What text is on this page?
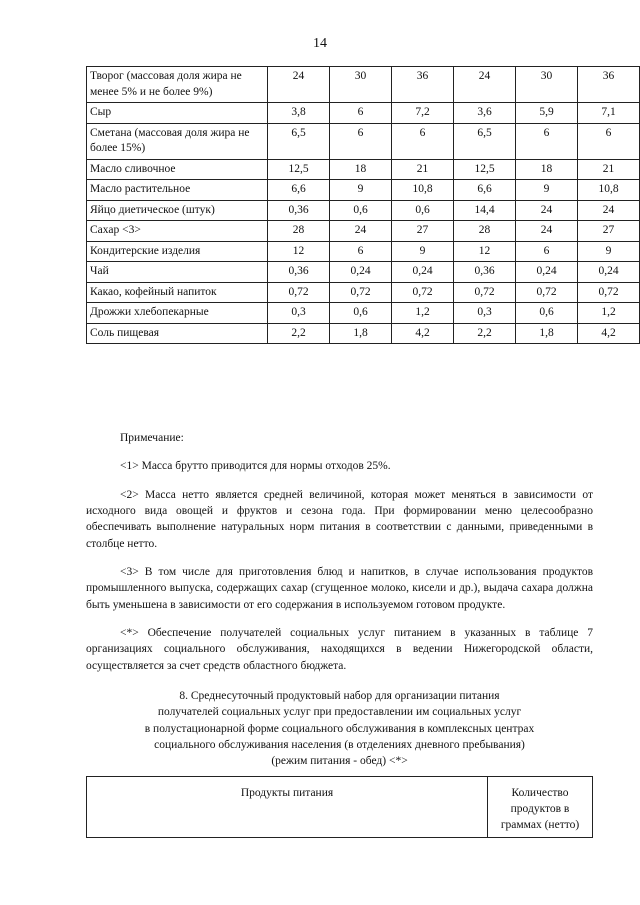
14
Творог (массовая доля жира не менее 5% и не более 9%)	24	30	36	24	30	36
Сыр	3,8	6	7,2	3,6	5,9	7,1
Сметана (массовая доля жира не более 15%)	6,5	6	6	6,5	6	6
Масло сливочное	12,5	18	21	12,5	18	21
Масло растительное	6,6	9	10,8	6,6	9	10,8
Яйцо диетическое (штук)	0,36	0,6	0,6	14,4	24	24
Сахар <3>	28	24	27	28	24	27
Кондитерские изделия	12	6	9	12	6	9
Чай	0,36	0,24	0,24	0,36	0,24	0,24
Какао, кофейный напиток	0,72	0,72	0,72	0,72	0,72	0,72
Дрожжи хлебопекарные	0,3	0,6	1,2	0,3	0,6	1,2
Соль пищевая	2,2	1,8	4,2	2,2	1,8	4,2

Примечание:

<1> Масса брутто приводится для нормы отходов 25%.

<2> Масса нетто является средней величиной, которая может меняться в зависимости от исходного вида овощей и фруктов и сезона года. При формировании меню целесообразно обеспечивать выполнение натуральных норм питания в соответствии с данными, приведенными в столбце нетто.

<3> В том числе для приготовления блюд и напитков, в случае использования продуктов промышленного выпуска, содержащих сахар (сгущенное молоко, кисели и др.), выдача сахара должна быть уменьшена в зависимости от его содержания в используемом готовом продукте.

<*> Обеспечение получателей социальных услуг питанием в указанных в таблице 7 организациях социального обслуживания, находящихся в ведении Нижегородской области, осуществляется за счет средств областного бюджета.

8. Среднесуточный продуктовый набор для организации питания
получателей социальных услуг при предоставлении им социальных услуг
в полустационарной форме социального обслуживания в комплексных центрах
социального обслуживания населения (в отделениях дневного пребывания)
(режим питания - обед) <*>
Продукты питания	Количество продуктов в граммах (нетто)
